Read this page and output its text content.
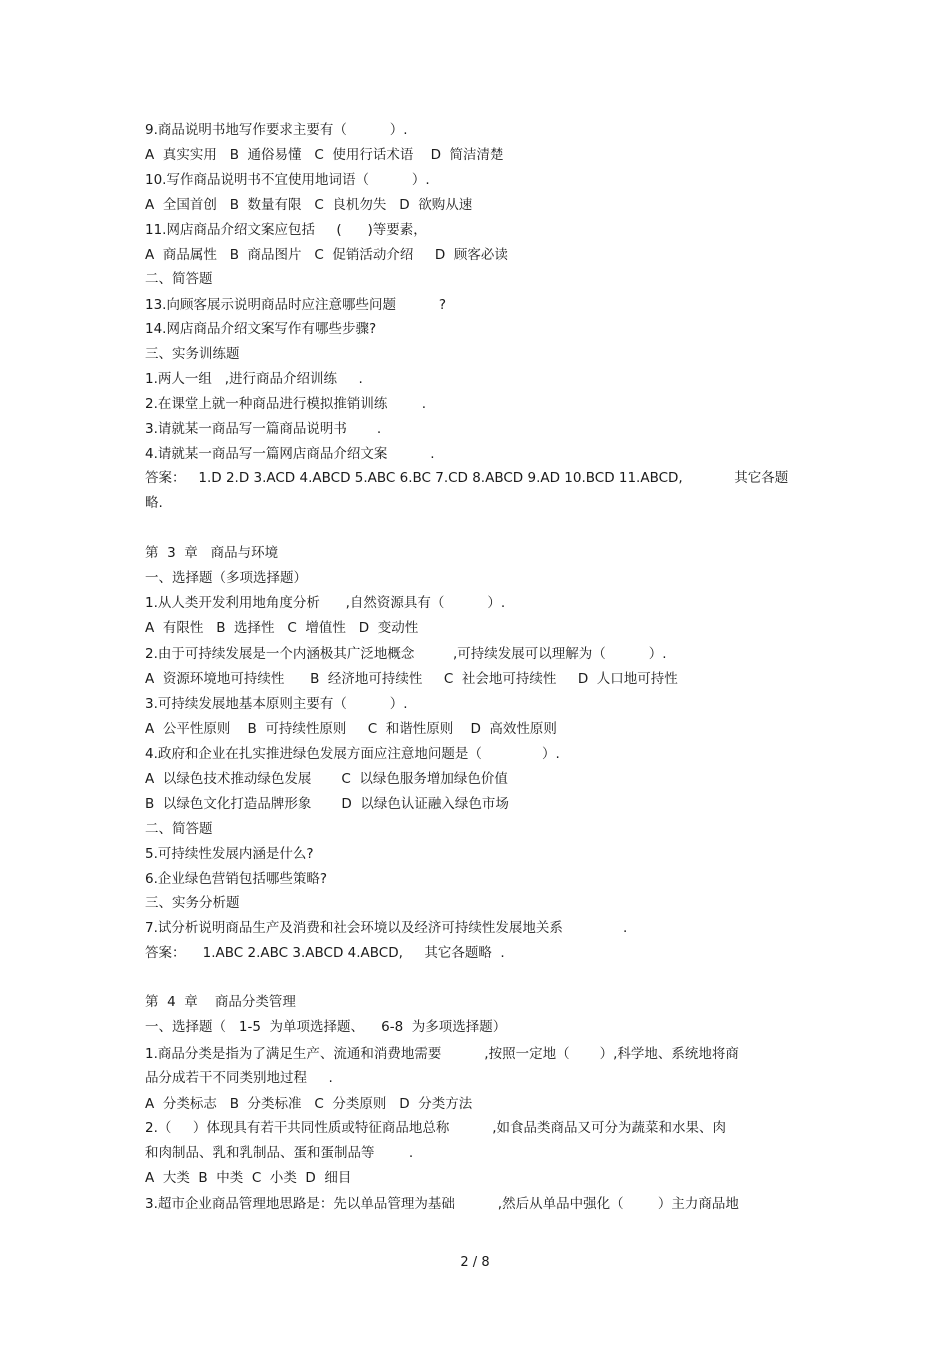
9.商品说明书地写作要求主要有（          ）.
A  真实实用   B  通俗易懂   C  使用行话术语    D  简洁清楚
10.写作商品说明书不宜使用地词语（          ）.
A  全国首创   B  数量有限   C  良机勿失   D  欲购从速
11.网店商品介绍文案应包括     (      )等要素，
A  商品属性   B  商品图片   C  促销活动介绍     D  顾客必读
二、简答题
13.向顾客展示说明商品时应注意哪些问题          ?
14.网店商品介绍文案写作有哪些步骤?
三、实务训练题
1.两人一组   ,进行商品介绍训练     .
2.在课堂上就一种商品进行模拟推销训练        .
3.请就某一商品写一篇商品说明书       .
4.请就某一商品写一篇网店商品介绍文案          .
答案：   1.D 2.D 3.ACD 4.ABCD 5.ABC 6.BC 7.CD 8.ABCD 9.AD 10.BCD 11.ABCD,            其它各题
略.
第  3  章   商品与环境
一、选择题（多项选择题）
1.从人类开发利用地角度分析      ,自然资源具有（          ）.
A  有限性   B  选择性   C  增值性   D  变动性
2.由于可持续发展是一个内涵极其广泛地概念         ,可持续发展可以理解为（          ）.
A  资源环境地可持续性      B  经济地可持续性     C  社会地可持续性     D  人口地可持性
3.可持续发展地基本原则主要有（          ）.
A  公平性原则    B  可持续性原则     C  和谐性原则    D  高效性原则
4.政府和企业在扎实推进绿色发展方面应注意地问题是（              ）.
A  以绿色技术推动绿色发展       C  以绿色服务增加绿色价值
B  以绿色文化打造品牌形象       D  以绿色认证融入绿色市场
二、简答题
5.可持续性发展内涵是什么?
6.企业绿色营销包括哪些策略?
三、实务分析题
7.试分析说明商品生产及消费和社会环境以及经济可持续性发展地关系              .
答案：    1.ABC 2.ABC 3.ABCD 4.ABCD,     其它各题略  .
第  4  章    商品分类管理
一、选择题（   1-5  为单项选择题、    6-8  为多项选择题）
1.商品分类是指为了满足生产、流通和消费地需要          ,按照一定地（       ）,科学地、系统地将商
品分成若干不同类别地过程     .
A  分类标志   B  分类标准   C  分类原则   D  分类方法
2.（     ）体现具有若干共同性质或特征商品地总称          ,如食品类商品又可分为蔬菜和水果、肉
和肉制品、乳和乳制品、蛋和蛋制品等        .
A  大类  B  中类  C  小类  D  细目
3.超市企业商品管理地思路是：先以单品管理为基础          ,然后从单品中强化（        ）主力商品地
2 / 8
